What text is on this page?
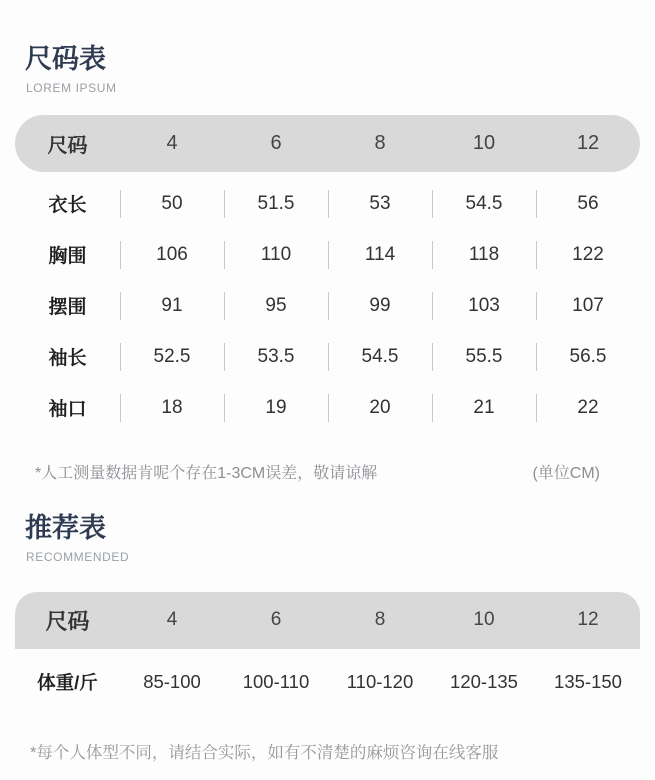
尺码表
LOREM IPSUM
尺码	4	6	8	10	12
衣长	50	51.5	53	54.5	56
胸围	106	110	114	118	122
摆围	91	95	99	103	107
袖长	52.5	53.5	54.5	55.5	56.5
袖口	18	19	20	21	22
*人工测量数据肯呢个存在1-3CM误差，敬请谅解	(单位CM)
推荐表
RECOMMENDED
尺码	4	6	8	10	12
体重/斤	85-100	100-110	110-120	120-135	135-150
*每个人体型不同，请结合实际，如有不清楚的麻烦咨询在线客服
